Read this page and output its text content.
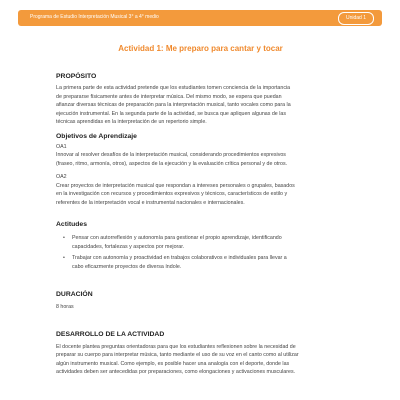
Programa de Estudio Interpretación Musical 3° a 4° medio	Unidad 1
Actividad 1: Me preparo para cantar y tocar
PROPÓSITO
La primera parte de esta actividad pretende que los estudiantes tomen conciencia de la importancia
de prepararse físicamente antes de interpretar música. Del mismo modo, se espera que puedan
afianzar diversas técnicas de preparación para la interpretación musical, tanto vocales como para la
ejecución instrumental. En la segunda parte de la actividad, se busca que apliquen algunas de las
técnicas aprendidas en la interpretación de un repertorio simple.
Objetivos de Aprendizaje
OA1
Innovar al resolver desafíos de la interpretación musical, considerando procedimientos expresivos
(fraseo, ritmo, armonía, otros), aspectos de la ejecución y la evaluación crítica personal y de otros.
OA2
Crear proyectos de interpretación musical que respondan a intereses personales o grupales, basados
en la investigación con recursos y procedimientos expresivos y técnicos, característicos de estilo y
referentes de la interpretación vocal e instrumental nacionales e internacionales.
Actitudes
• Pensar con autorreflexión y autonomía para gestionar el propio aprendizaje, identificando
capacidades, fortalezas y aspectos por mejorar.
• Trabajar con autonomía y proactividad en trabajos colaborativos e individuales para llevar a
cabo eficazmente proyectos de diversa índole.
DURACIÓN
8 horas
DESARROLLO DE LA ACTIVIDAD
El docente plantea preguntas orientadoras para que los estudiantes reflexionen sobre la necesidad de
preparar su cuerpo para interpretar música, tanto mediante el uso de su voz en el canto como al utilizar
algún instrumento musical. Como ejemplo, es posible hacer una analogía con el deporte, donde las
actividades deben ser antecedidas por preparaciones, como elongaciones y activaciones musculares.
